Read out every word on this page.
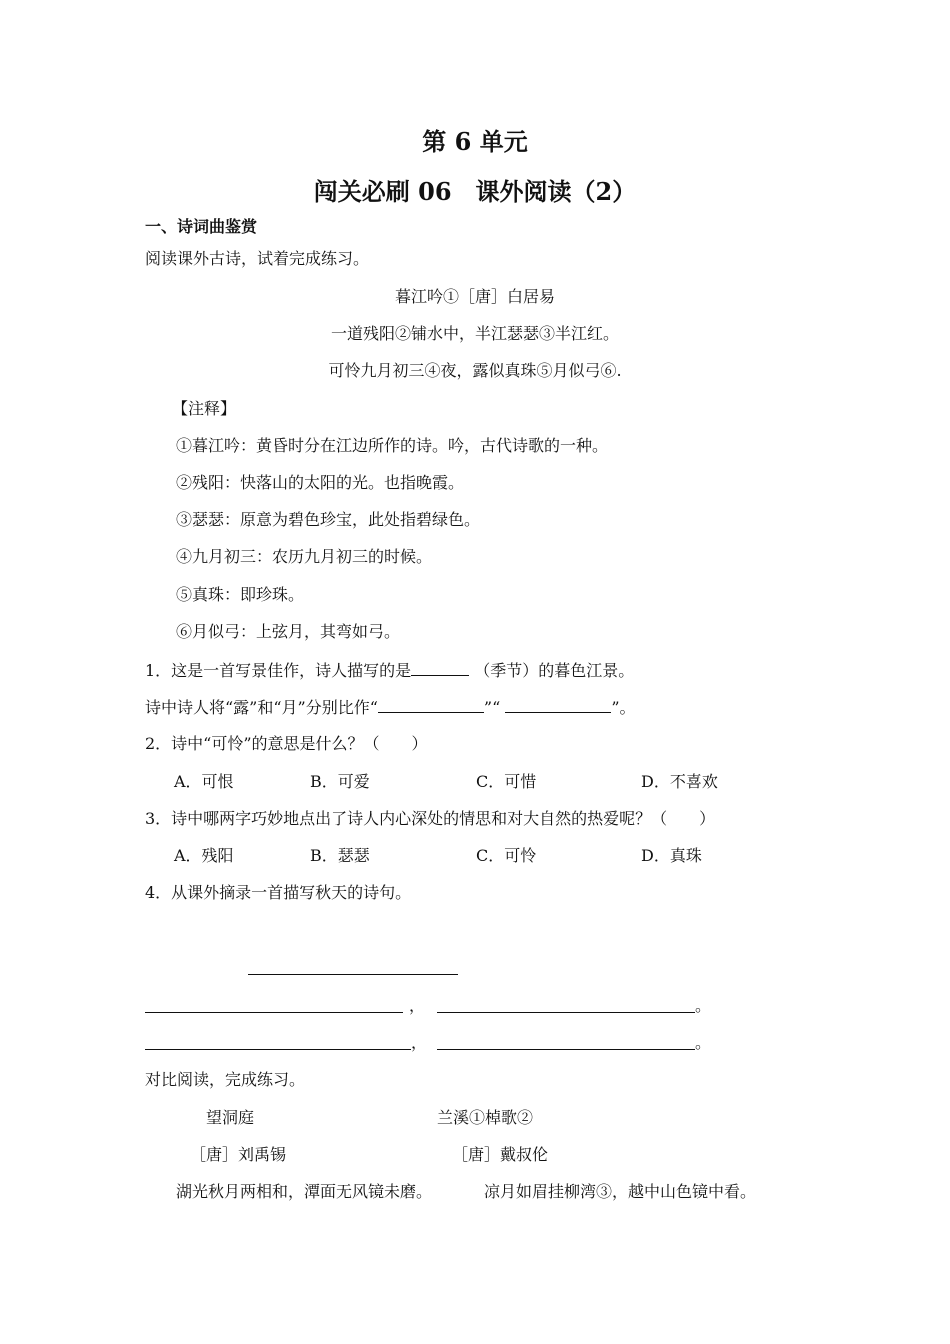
第 6 单元
闯关必刷 06　课外阅读（2）
一、诗词曲鉴赏
阅读课外古诗，试着完成练习。
暮江吟①［唐］白居易
一道残阳②铺水中，半江瑟瑟③半江红。
可怜九月初三④夜，露似真珠⑤月似弓⑥.
【注释】
①暮江吟：黄昏时分在江边所作的诗。吟，古代诗歌的一种。
②残阳：快落山的太阳的光。也指晚霞。
③瑟瑟：原意为碧色珍宝，此处指碧绿色。
④九月初三：农历九月初三的时候。
⑤真珠：即珍珠。
⑥月似弓：上弦月，其弯如弓。
1．这是一首写景佳作，诗人描写的是	（季节）的暮色江景。
诗中诗人将“露”和“月”分别比作“	”“	”。
2．诗中“可怜”的意思是什么？（　　）
A．可恨	B．可爱	C．可惜	D．不喜欢
3．诗中哪两字巧妙地点出了诗人内心深处的情思和对大自然的热爱呢？（　　）
A．残阳	B．瑟瑟	C．可怜	D．真珠
4．从课外摘录一首描写秋天的诗句。
，	。
，	。
对比阅读，完成练习。
望洞庭	兰溪①棹歌②
［唐］刘禹锡	［唐］戴叔伦
湖光秋月两相和，潭面无风镜未磨。	凉月如眉挂柳湾③，越中山色镜中看。
